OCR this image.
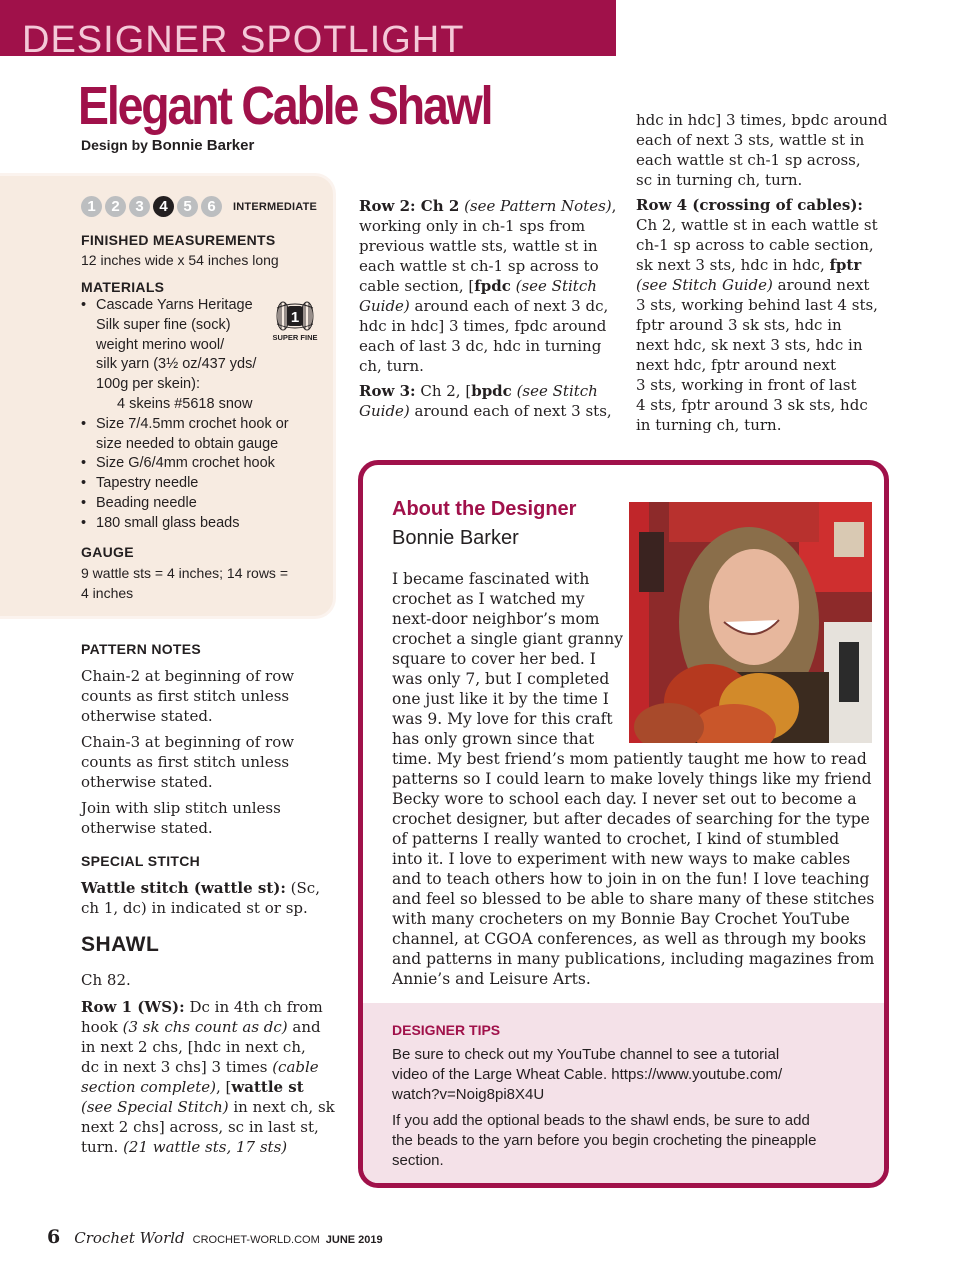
DESIGNER SPOTLIGHT
Elegant Cable Shawl
Design by Bonnie Barker
1	2	3	4	5	6	INTERMEDIATE
FINISHED MEASUREMENTS

12 inches wide x 54 inches long

MATERIALS
• Cascade Yarns Heritage
Silk super fine (sock)
weight merino wool/
silk yarn (3½ oz/437 yds/
100g per skein):
4 skeins #5618 snow
• Size 7/4.5mm crochet hook or
size needed to obtain gauge
• Size G/6/4mm crochet hook
• Tapestry needle
• Beading needle
• 180 small glass beads
1
SUPER FINE
GAUGE

9 wattle sts = 4 inches; 14 rows =
4 inches

PATTERN NOTES

Chain-2 at beginning of row
counts as first stitch unless
otherwise stated.

Chain-3 at beginning of row
counts as first stitch unless
otherwise stated.

Join with slip stitch unless
otherwise stated.

SPECIAL STITCH

Wattle stitch (wattle st): (Sc,
ch 1, dc) in indicated st or sp.

SHAWL

Ch 82.

Row 1 (WS): Dc in 4th ch from
hook (3 sk chs count as dc) and
in next 2 chs, [hdc in next ch,
dc in next 3 chs] 3 times (cable
section complete), [wattle st
(see Special Stitch) in next ch, sk
next 2 chs] across, sc in last st,
turn. (21 wattle sts, 17 sts)

Row 2: Ch 2 (see Pattern Notes),
working only in ch-1 sps from
previous wattle sts, wattle st in
each wattle st ch-1 sp across to
cable section, [fpdc (see Stitch
Guide) around each of next 3 dc,
hdc in hdc] 3 times, fpdc around
each of last 3 dc, hdc in turning
ch, turn.

Row 3: Ch 2, [bpdc (see Stitch
Guide) around each of next 3 sts,

hdc in hdc] 3 times, bpdc around
each of next 3 sts, wattle st in
each wattle st ch-1 sp across,
sc in turning ch, turn.

Row 4 (crossing of cables):
Ch 2, wattle st in each wattle st
ch-1 sp across to cable section,
sk next 3 sts, hdc in hdc, fptr
(see Stitch Guide) around next
3 sts, working behind last 4 sts,
fptr around 3 sk sts, hdc in
next hdc, sk next 3 sts, hdc in
next hdc, fptr around next
3 sts, working in front of last
4 sts, fptr around 3 sk sts, hdc
in turning ch, turn.

About the Designer
Bonnie Barker

I became fascinated with
crochet as I watched my
next-door neighbor’s mom
crochet a single giant granny
square to cover her bed. I
was only 7, but I completed
one just like it by the time I
was 9. My love for this craft
has only grown since that
time. My best friend’s mom patiently taught me how to read
patterns so I could learn to make lovely things like my friend
Becky wore to school each day. I never set out to become a
crochet designer, but after decades of searching for the type
of patterns I really wanted to crochet, I kind of stumbled
into it. I love to experiment with new ways to make cables
and to teach others how to join in on the fun! I love teaching
and feel so blessed to be able to share many of these stitches
with many crocheters on my Bonnie Bay Crochet YouTube
channel, at CGOA conferences, as well as through my books
and patterns in many publications, including magazines from
Annie’s and Leisure Arts.

DESIGNER TIPS

Be sure to check out my YouTube channel to see a tutorial
video of the Large Wheat Cable. https://www.youtube.com/
watch?v=Noig8pi8X4U

If you add the optional beads to the shawl ends, be sure to add
the beads to the yarn before you begin crocheting the pineapple
section.

6 Crochet World CROCHET-WORLD.COM JUNE 2019
